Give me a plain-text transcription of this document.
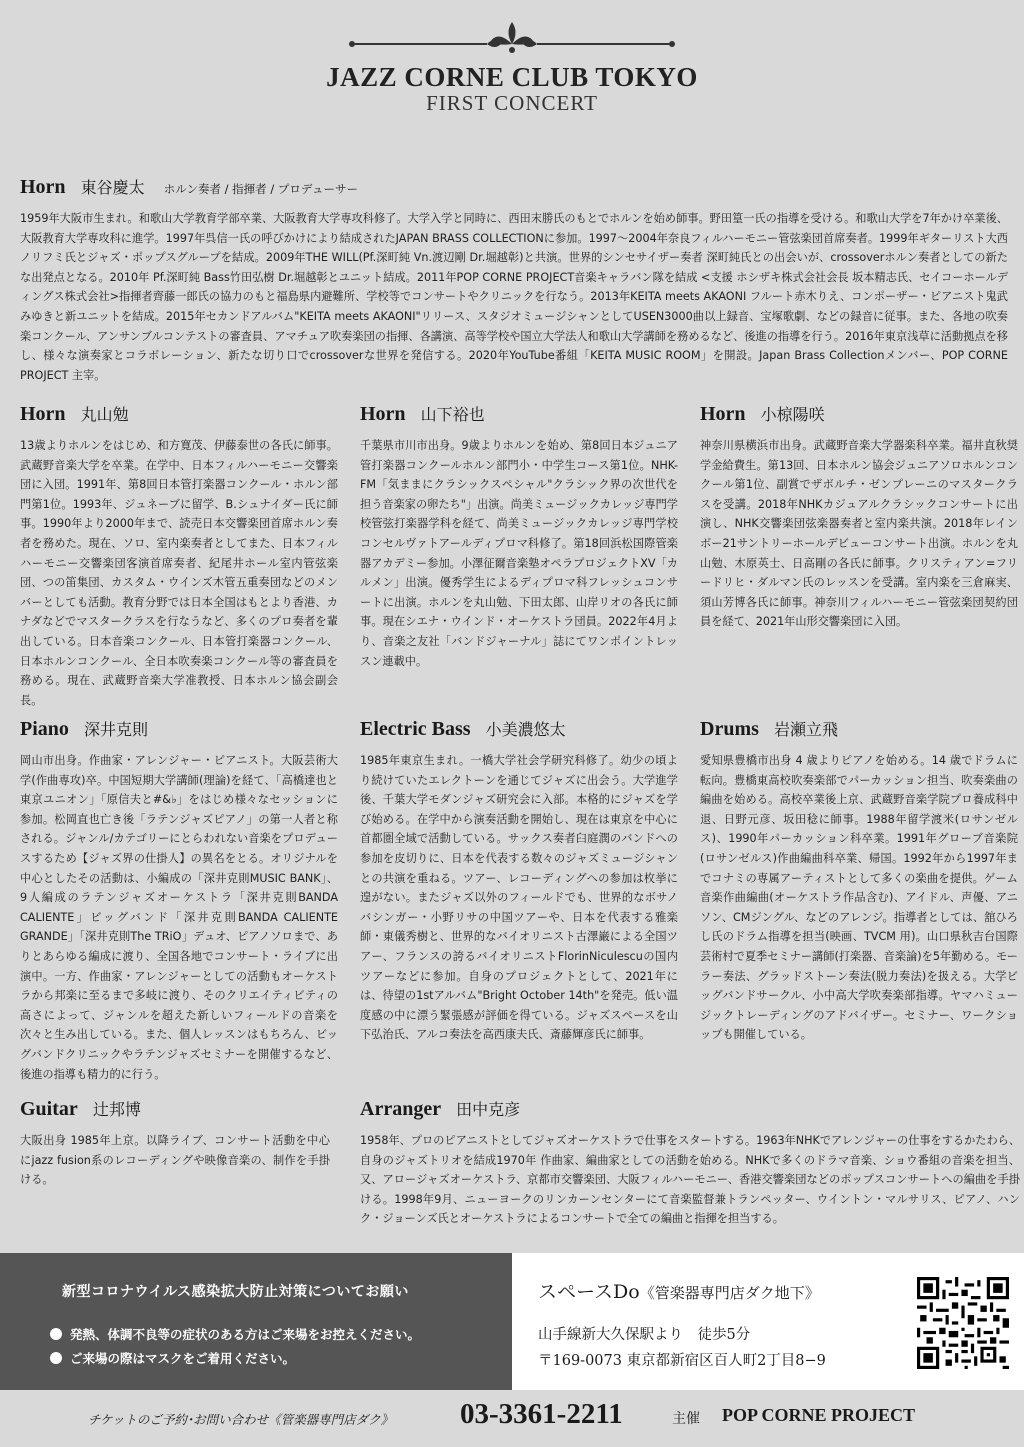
JAZZ CORNE CLUB TOKYO
FIRST CONCERT
Horn 東谷慶太 ホルン奏者 / 指揮者 / プロデューサー
1959年大阪市生まれ。和歌山大学教育学部卒業、大阪教育大学専攻科修了。大学入学と同時に、西田末勝氏のもとでホルンを始め師事。野田篁一氏の指導を受ける。和歌山大学を7年かけ卒業後、大阪教育大学専攻科に進学。1997年呉信一氏の呼びかけにより結成されたJAPAN BRASS COLLECTIONに参加。1997〜2004年奈良フィルハーモニー管弦楽団首席奏者。1999年ギターリスト大西ノリフミ氏とジャズ・ポップスグループを結成。2009年THE WILL(Pf.深町純 Vn.渡辺剛 Dr.堀越彰)と共演。世界的シンセサイザー奏者 深町純氏との出会いが、crossoverホルン奏者としての新たな出発点となる。2010年 Pf.深町純 Bass竹田弘樹 Dr.堀越彰とユニット結成。2011年POP CORNE PROJECT音楽キャラバン隊を結成 <支援 ホシザキ株式会社会長 坂本精志氏、セイコーホールディングス株式会社>指揮者齊藤一郎氏の協力のもと福島県内避難所、学校等でコンサートやクリニックを行なう。2013年KEITA meets AKAONI フルート赤木りえ、コンポーザー・ピアニスト鬼武みゆきと新ユニットを結成。2015年セカンドアルバム"KEITA meets AKAONI"リリース、スタジオミュージシャンとしてUSEN3000曲以上録音、宝塚歌劇、などの録音に従事。また、各地の吹奏楽コンクール、アンサンブルコンテストの審査員、アマチュア吹奏楽団の指揮、各講演、高等学校や国立大学法人和歌山大学講師を務めるなど、後進の指導を行う。2016年東京浅草に活動拠点を移し、様々な演奏家とコラボレーション、新たな切り口でcrossoverな世界を発信する。2020年YouTube番組「KEITA MUSIC ROOM」を開設。Japan Brass Collectionメンバー、POP CORNE PROJECT 主宰。
Horn 丸山勉
13歳よりホルンをはじめ、和方寛茂、伊藤泰世の各氏に師事。武蔵野音楽大学を卒業。在学中、日本フィルハーモニー交響楽団に入団。1991年、第8回日本管打楽器コンクール・ホルン部門第1位。1993年、ジュネーブに留学、B.シュナイダー氏に師事。1990年より2000年まで、読売日本交響楽団首席ホルン奏者を務めた。現在、ソロ、室内楽奏者としてまた、日本フィルハーモニー交響楽団客演首席奏者、紀尾井ホール室内管弦楽団、つの笛集団、カスタム・ウインズ木管五重奏団などのメンバーとしても活動。教育分野では日本全国はもとより香港、カナダなどでマスタークラスを行なうなど、多くのプロ奏者を輩出している。日本音楽コンクール、日本管打楽器コンクール、日本ホルンコンクール、全日本吹奏楽コンクール等の審査員を務める。現在、武蔵野音楽大学准教授、日本ホルン協会副会長。
Horn 山下裕也
千葉県市川市出身。9歳よりホルンを始め、第8回日本ジュニア管打楽器コンクールホルン部門小・中学生コース第1位。NHK-FM「気ままにクラシックスペシャル"クラシック界の次世代を担う音楽家の卵たち"」出演。尚美ミュージックカレッジ専門学校管弦打楽器学科を経て、尚美ミュージックカレッジ専門学校コンセルヴァトアールディプロマ科修了。第18回浜松国際管楽器アカデミー参加。小澤征爾音楽塾オペラプロジェクトXV「カルメン」出演。優秀学生によるディプロマ科フレッシュコンサートに出演。ホルンを丸山勉、下田太郎、山岸リオの各氏に師事。現在シエナ・ウインド・オーケストラ団員。2022年4月より、音楽之友社「バンドジャーナル」誌にてワンポイントレッスン連載中。
Horn 小椋陽咲
神奈川県横浜市出身。武蔵野音楽大学器楽科卒業。福井直秋奨学金給費生。第13回、日本ホルン協会ジュニアソロホルンコンクール第1位、副賞でザボルチ・ゼンプレーニのマスタークラスを受講。2018年NHKカジュアルクラシックコンサートに出演し、NHK交響楽団弦楽器奏者と室内楽共演。2018年レインボー21サントリーホールデビューコンサート出演。ホルンを丸山勉、木原英士、日高剛の各氏に師事。クリスティアン=フリードリヒ・ダルマン氏のレッスンを受講。室内楽を三倉麻実、須山芳博各氏に師事。神奈川フィルハーモニー管弦楽団契約団員を経て、2021年山形交響楽団に入団。
Piano 深井克則
岡山市出身。作曲家・アレンジャー・ピアニスト。大阪芸術大学(作曲専攻)卒。中国短期大学講師(理論)を経て、「高橋達也と東京ユニオン」「原信夫と#&♭」をはじめ様々なセッションに参加。松岡直也亡き後「ラテンジャズピアノ」の第一人者と称される。ジャンル/カテゴリーにとらわれない音楽をプロデュースするため【ジャズ界の仕掛人】の異名をとる。オリジナルを中心としたその活動は、小編成の「深井克則MUSIC BANK」、9人編成のラテンジャズオーケストラ「深井克則BANDA CALIENTE」ビッグバンド「深井克則BANDA CALIENTE GRANDE」「深井克則The TRiO」デュオ、ピアノソロまで、ありとあらゆる編成に渡り、全国各地でコンサート・ライブに出演中。一方、作曲家・アレンジャーとしての活動もオーケストラから邦楽に至るまで多岐に渡り、そのクリエイティビティの高さによって、ジャンルを超えた新しいフィールドの音楽を次々と生み出している。また、個人レッスンはもちろん、ビッグバンドクリニックやラテンジャズセミナーを開催するなど、後進の指導も精力的に行う。
Electric Bass 小美濃悠太
1985年東京生まれ。一橋大学社会学研究科修了。幼少の頃より続けていたエレクトーンを通じてジャズに出会う。大学進学後、千葉大学モダンジャズ研究会に入部。本格的にジャズを学び始める。在学中から演奏活動を開始し、現在は東京を中心に首都圏全域で活動している。サックス奏者臼庭潤のバンドへの参加を皮切りに、日本を代表する数々のジャズミュージシャンとの共演を重ねる。ツアー、レコーディングへの参加は枚挙に遑がない。またジャズ以外のフィールドでも、世界的なボサノバシンガー・小野リサの中国ツアーや、日本を代表する雅楽師・東儀秀樹と、世界的なバイオリニスト古澤巌による全国ツアー、フランスの誇るバイオリニストFlorinNiculescuの国内ツアーなどに参加。自身のプロジェクトとして、2021年には、待望の1stアルバム"Bright October 14th"を発売。低い温度感の中に漂う緊張感が評価を得ている。ジャズスペースを山下弘治氏、アルコ奏法を高西康夫氏、斎藤輝彦氏に師事。
Drums 岩瀬立飛
愛知県豊橋市出身 4 歳よりピアノを始める。14 歳でドラムに転向。豊橋東高校吹奏楽部でパーカッション担当、吹奏楽曲の編曲を始める。高校卒業後上京、武蔵野音楽学院プロ養成科中退、日野元彦、坂田稔に師事。1988年留学渡米(ロサンゼルス)、1990年パーカッション科卒業。1991年グローブ音楽院(ロサンゼルス)作曲編曲科卒業、帰国。1992年から1997年までコナミの専属アーティストとして多くの楽曲を提供。ゲーム音楽作曲編曲(オーケストラ作品含む)、アイドル、声優、アニソン、CMジングル、などのアレンジ。指導者としては、舘ひろし氏のドラム指導を担当(映画、TVCM 用)。山口県秋吉台国際芸術村で夏季セミナー講師(打楽器、音楽論)を5年勤める。モーラー奏法、グラッドストーン奏法(脱力奏法)を扱える。大学ビッグバンドサークル、小中高大学吹奏楽部指導。ヤマハミュージックトレーディングのアドバイザー。セミナー、ワークショップも開催している。
Guitar 辻邦博
大阪出身 1985年上京。以降ライブ、コンサート活動を中心にjazz fusion系のレコーディングや映像音楽の、制作を手掛ける。
Arranger 田中克彦
1958年、プロのピアニストとしてジャズオーケストラで仕事をスタートする。1963年NHKでアレンジャーの仕事をするかたわら、自身のジャズトリオを結成1970年 作曲家、編曲家としての活動を始める。NHKで多くのドラマ音楽、ショウ番組の音楽を担当、又、アロージャズオーケストラ、京都市交響楽団、大阪フィルハーモニー、香港交響楽団などのポップスコンサートへの編曲を手掛ける。1998年9月、ニューヨークのリンカーンセンターにて音楽監督兼トランペッター、ウイントン・マルサリス、ピアノ、ハンク・ジョーンズ氏とオーケストラによるコンサートで全ての編曲と指揮を担当する。
新型コロナウイルス感染拡大防止対策についてお願い
発熱、体調不良等の症状のある方はご来場をお控えください。
ご来場の際はマスクをご着用ください。
スペースDo《管楽器専門店ダク地下》
山手線新大久保駅より　徒歩5分
〒169-0073 東京都新宿区百人町2丁目8−9
チケットのご予約･お問い合わせ《管楽器専門店ダク》 03-3361-2211	主催 POP CORNE PROJECT
